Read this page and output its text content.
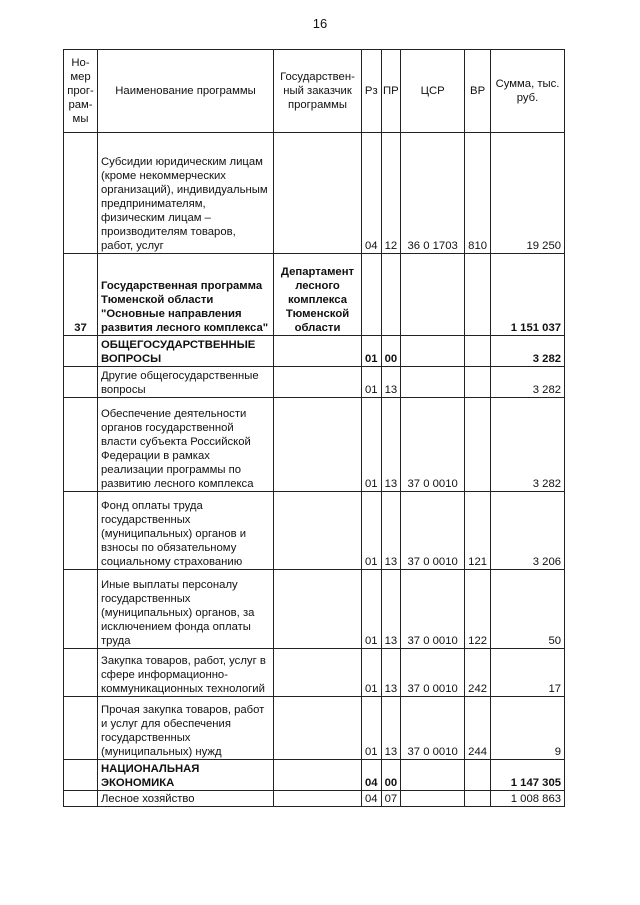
16
Но-мер прог-рам-мы	Наименование программы	Государствен-ный заказчик программы	Рз	ПР	ЦСР	ВР	Сумма, тыс. руб.
	Субсидии юридическим лицам (кроме некоммерческих организаций), индивидуальным предпринимателям, физическим лицам – производителям товаров, работ, услуг		04	12	36 0 1703	810	19 250
37	Государственная программа Тюменской области "Основные направления развития лесного комплекса"	Департамент лесного комплекса Тюменской области					1 151 037
	ОБЩЕГОСУДАРСТВЕННЫЕ ВОПРОСЫ		01	00			3 282
	Другие общегосударственные вопросы		01	13			3 282
	Обеспечение деятельности органов государственной власти субъекта Российской Федерации в рамках реализации программы по развитию лесного комплекса		01	13	37 0 0010		3 282
	Фонд оплаты труда государственных (муниципальных) органов и взносы по обязательному социальному страхованию		01	13	37 0 0010	121	3 206
	Иные выплаты персоналу государственных (муниципальных) органов, за исключением фонда оплаты труда		01	13	37 0 0010	122	50
	Закупка товаров, работ, услуг в сфере информационно-коммуникационных технологий		01	13	37 0 0010	242	17
	Прочая закупка товаров, работ и услуг для обеспечения государственных (муниципальных) нужд		01	13	37 0 0010	244	9
	НАЦИОНАЛЬНАЯ ЭКОНОМИКА		04	00			1 147 305
	Лесное хозяйство		04	07			1 008 863
